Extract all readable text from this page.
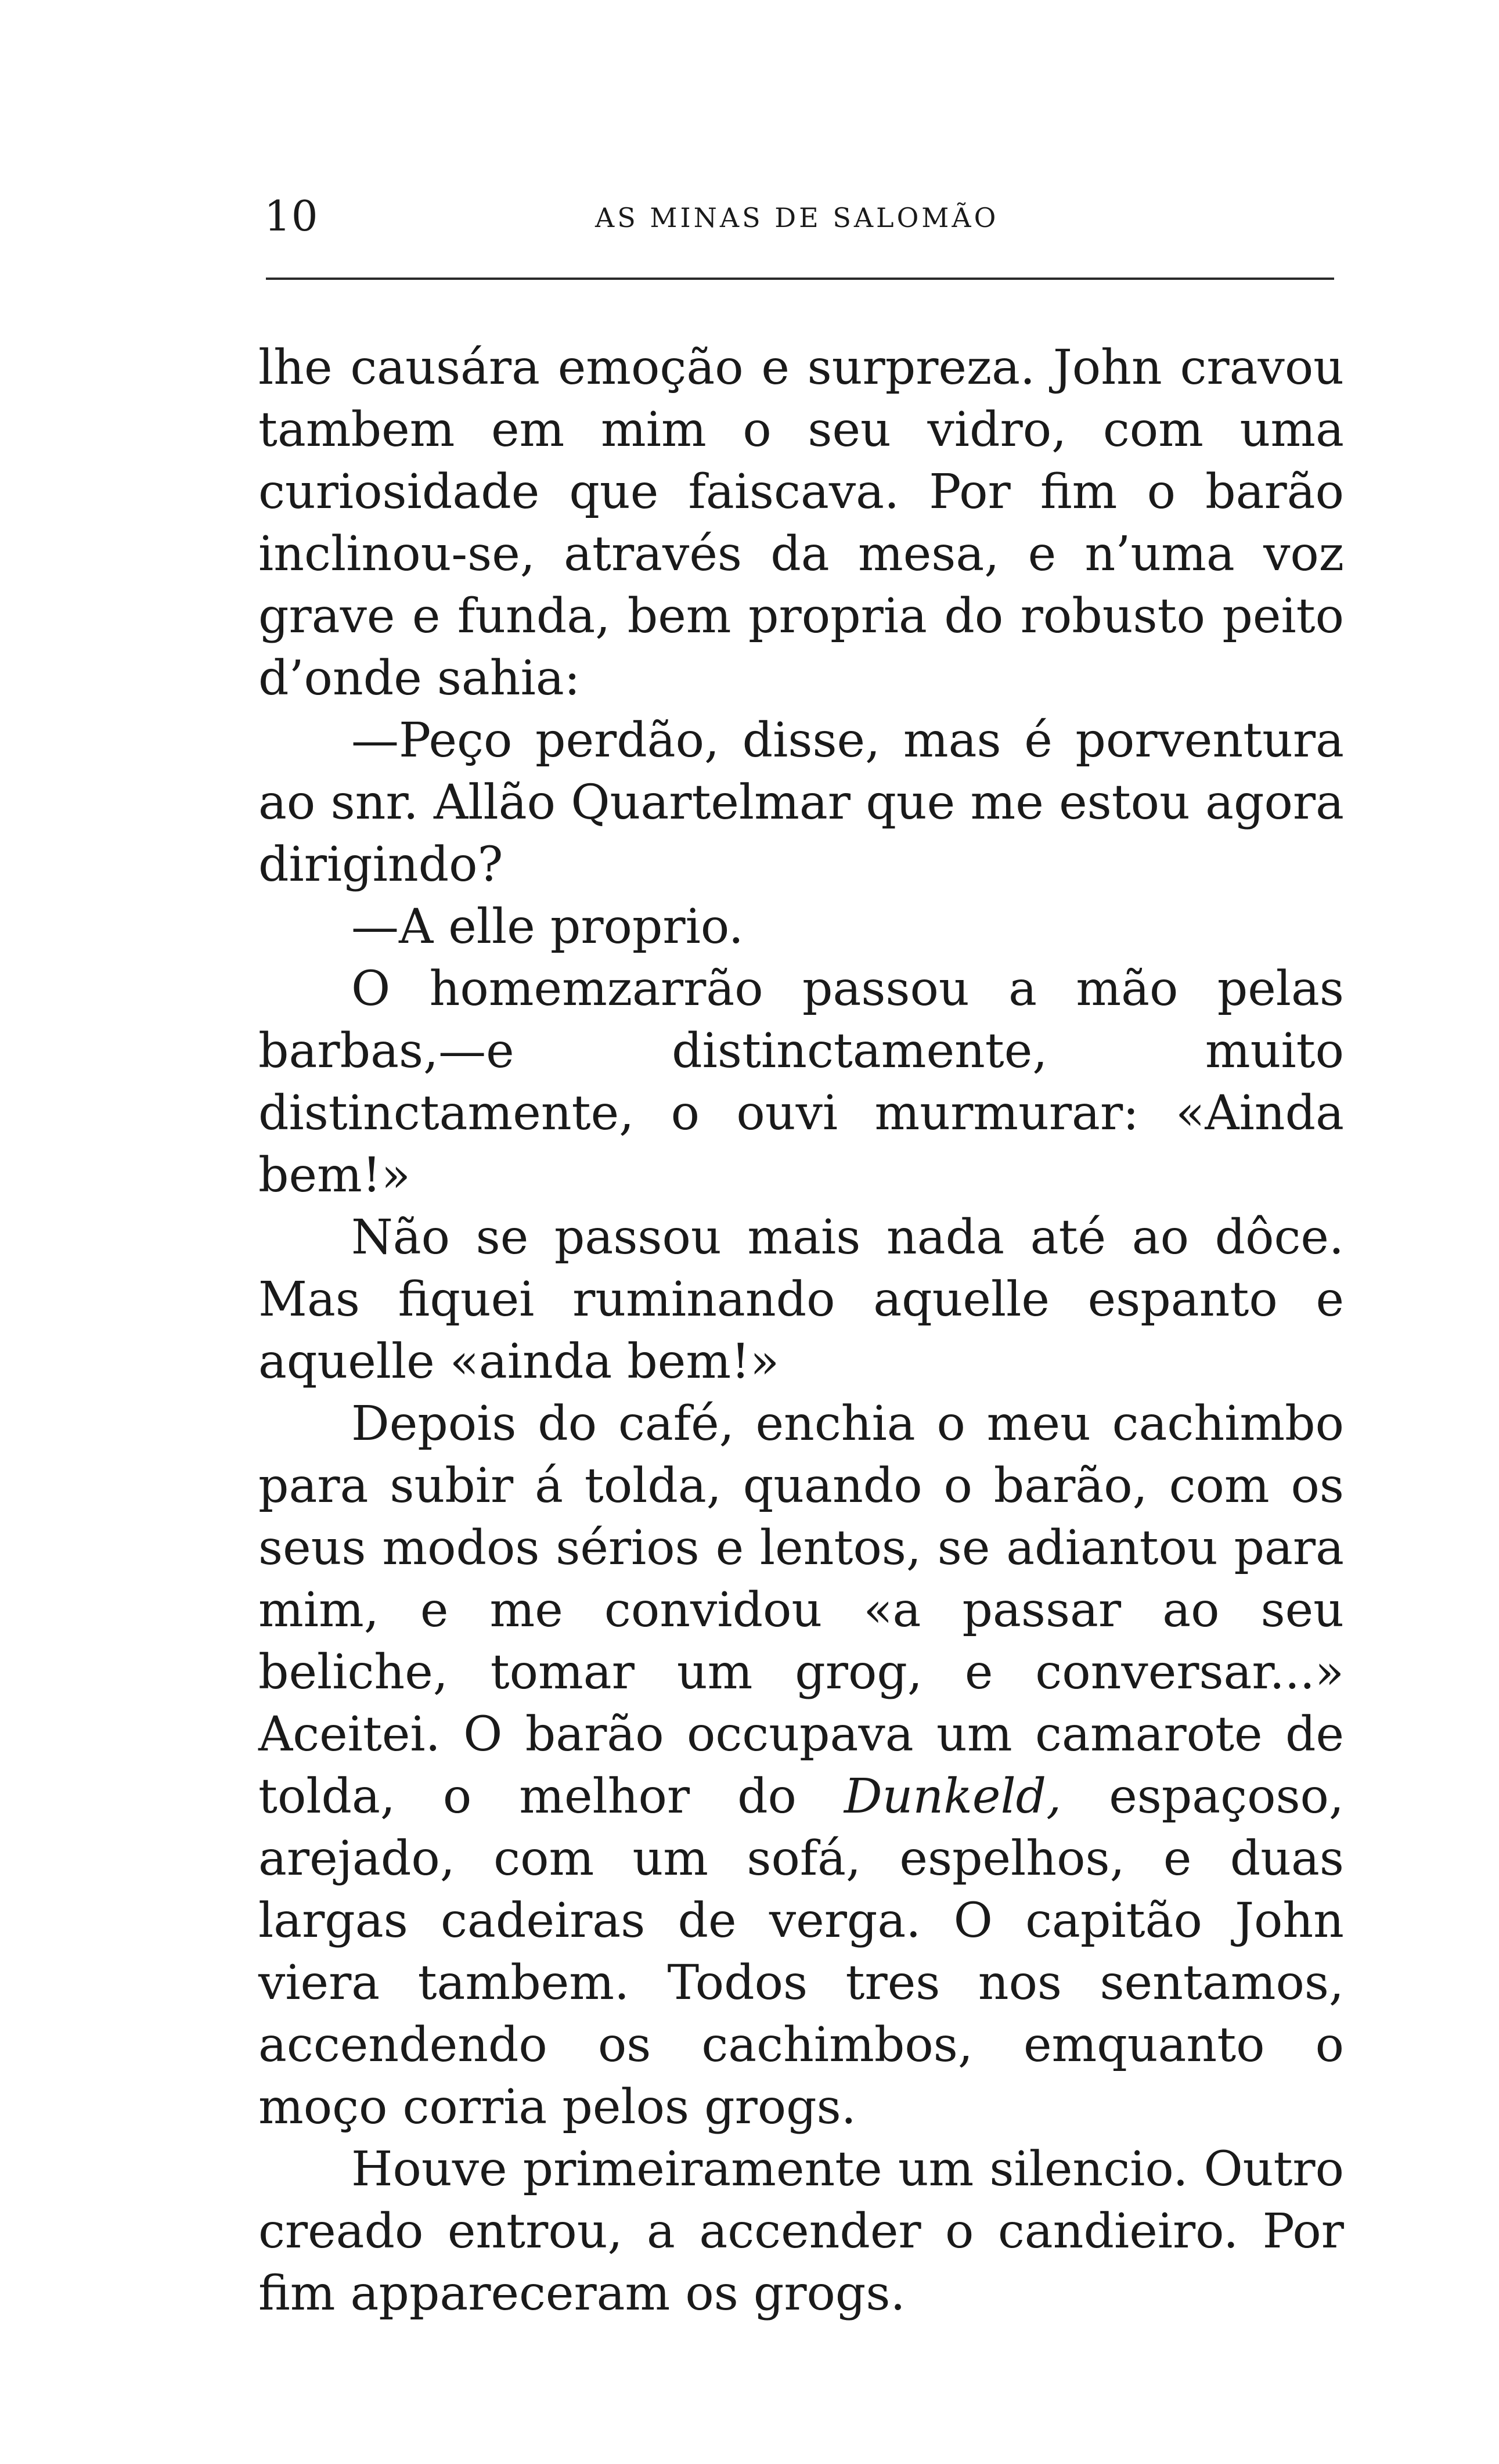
10	AS MINAS DE SALOMÃO

lhe causára emoção e surpreza. John cravou tambem em mim o seu vidro, com uma curiosidade que faiscava. Por fim o barão inclinou-se, através da mesa, e n’uma voz grave e funda, bem propria do robusto peito d’onde sahia:

—Peço perdão, disse, mas é porventura ao snr. Allão Quartelmar que me estou agora dirigindo?

—A elle proprio.

O homemzarrão passou a mão pelas barbas,—e distinctamente, muito distinctamente, o ouvi murmurar: «Ainda bem!»

Não se passou mais nada até ao dôce. Mas fiquei ruminando aquelle espanto e aquelle «ainda bem!»

Depois do café, enchia o meu cachimbo para subir á tolda, quando o barão, com os seus modos sérios e lentos, se adiantou para mim, e me convidou «a passar ao seu beliche, tomar um grog, e conversar...» Aceitei. O barão occupava um camarote de tolda, o melhor do Dunkeld, espaçoso, arejado, com um sofá, espelhos, e duas largas cadeiras de verga. O capitão John viera tambem. Todos tres nos sentamos, accendendo os cachimbos, emquanto o moço corria pelos grogs.

Houve primeiramente um silencio. Outro creado entrou, a accender o candieiro. Por fim appareceram os grogs.
